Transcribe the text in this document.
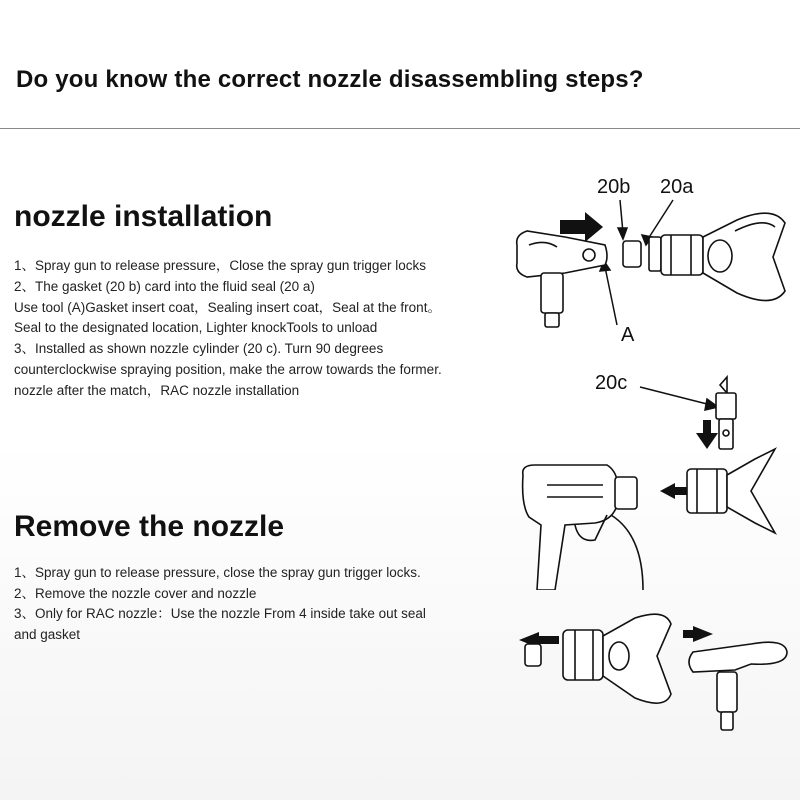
Do you know the correct nozzle disassembling steps?
nozzle installation
1、Spray gun to release pressure，Close the spray gun trigger locks
2、The gasket (20 b) card into the fluid seal (20 a)
Use tool (A)Gasket insert coat，Sealing insert coat，Seal at the front。
Seal to the designated location, Lighter knockTools to unload
3、Installed as shown nozzle cylinder (20 c). Turn 90 degrees
counterclockwise spraying position, make the arrow towards the former.
nozzle after the match，RAC nozzle installation
Remove the nozzle
1、Spray gun to release pressure, close the spray gun trigger locks.
2、Remove the nozzle cover and nozzle
3、Only for RAC nozzle：Use the nozzle From 4 inside take out seal
and gasket
20b 20a
A
20c
